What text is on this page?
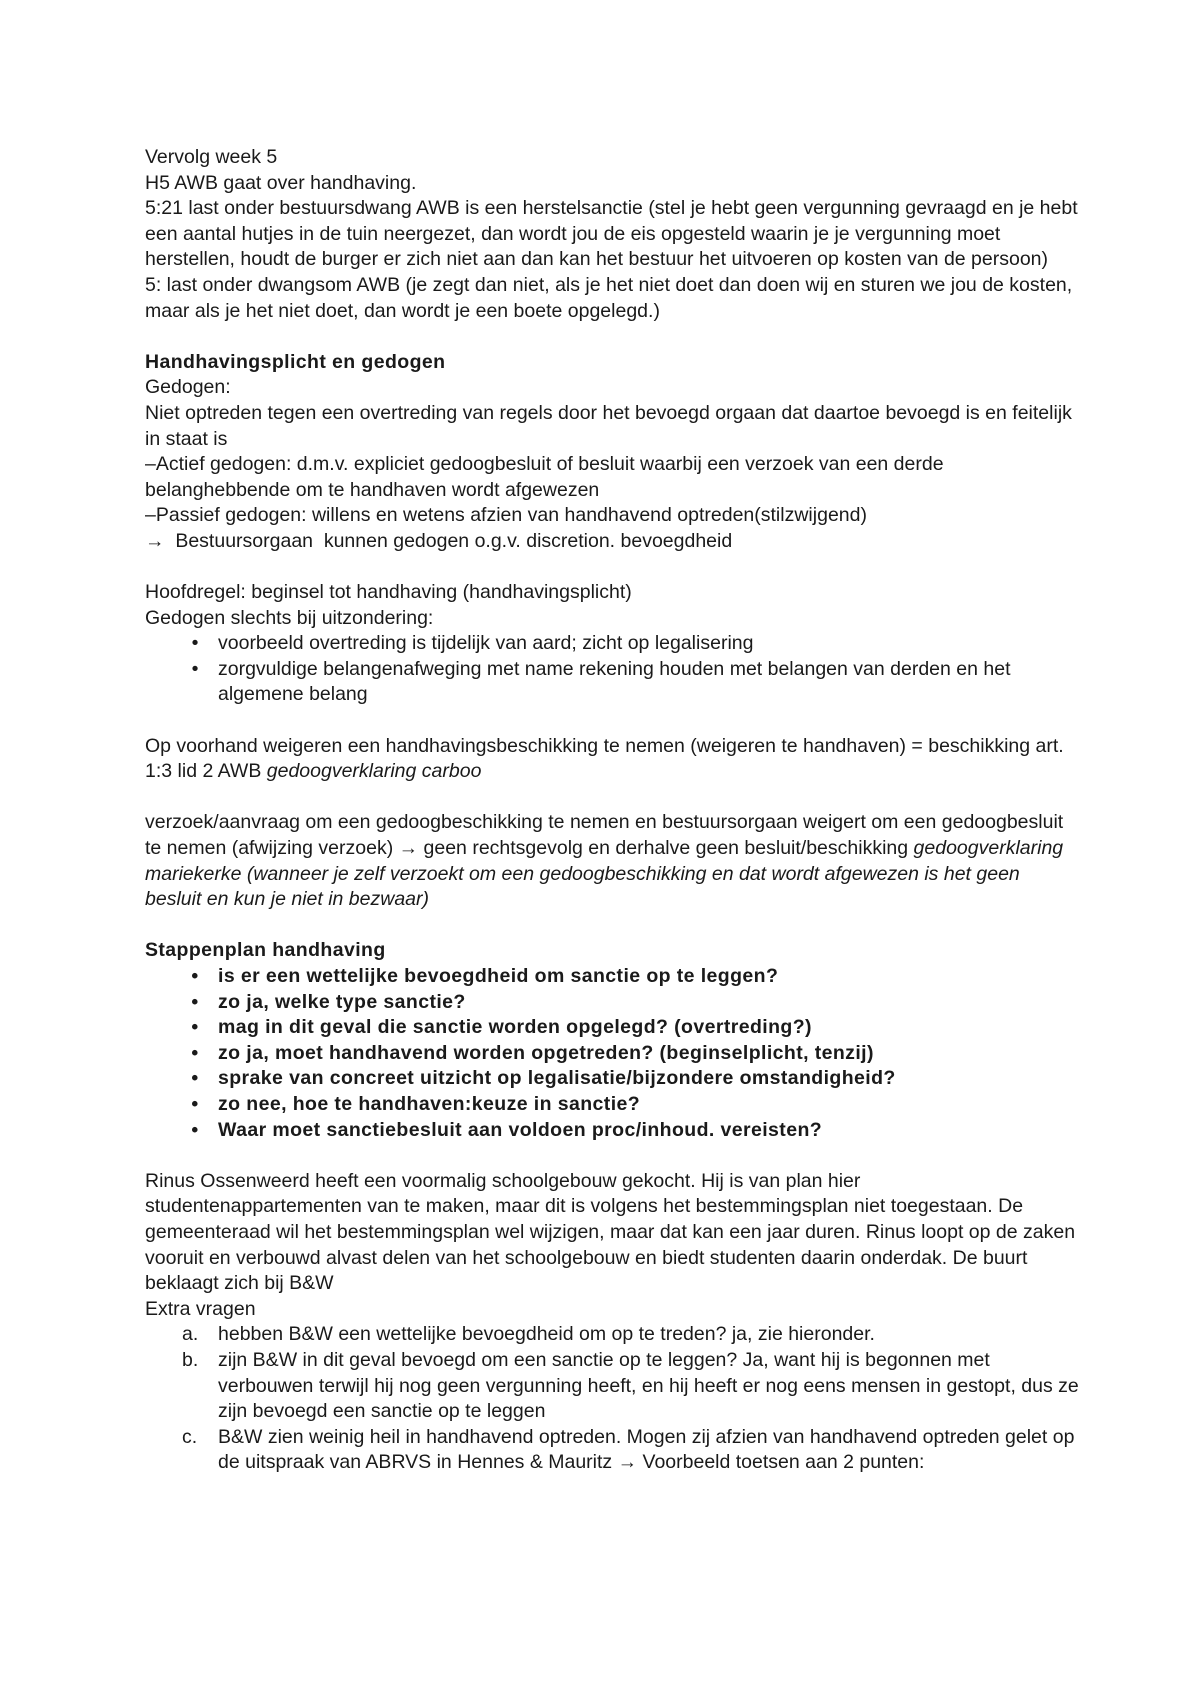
Vervolg week 5
H5 AWB gaat over handhaving.
5:21 last onder bestuursdwang AWB is een herstelsanctie (stel je hebt geen vergunning gevraagd en je hebt een aantal hutjes in de tuin neergezet, dan wordt jou de eis opgesteld waarin je je vergunning moet herstellen, houdt de burger er zich niet aan dan kan het bestuur het uitvoeren op kosten van de persoon)
5: last onder dwangsom AWB (je zegt dan niet, als je het niet doet dan doen wij en sturen we jou de kosten, maar als je het niet doet, dan wordt je een boete opgelegd.)
Handhavingsplicht en gedogen
Gedogen:
Niet optreden tegen een overtreding van regels door het bevoegd orgaan dat daartoe bevoegd is en feitelijk in staat is
–Actief gedogen: d.m.v. expliciet gedoogbesluit of besluit waarbij een verzoek van een derde belanghebbende om te handhaven wordt afgewezen
–Passief gedogen: willens en wetens afzien van handhavend optreden(stilzwijgend)
→  Bestuursorgaan  kunnen gedogen o.g.v. discretion. bevoegdheid
Hoofdregel: beginsel tot handhaving (handhavingsplicht)
Gedogen slechts bij uitzondering:
•	voorbeeld overtreding is tijdelijk van aard; zicht op legalisering
•	zorgvuldige belangenafweging met name rekening houden met belangen van derden en het algemene belang
Op voorhand weigeren een handhavingsbeschikking te nemen (weigeren te handhaven) = beschikking art. 1:3 lid 2 AWB gedoogverklaring carboo
verzoek/aanvraag om een gedoogbeschikking te nemen en bestuursorgaan weigert om een gedoogbesluit te nemen (afwijzing verzoek) → geen rechtsgevolg en derhalve geen besluit/beschikking gedoogverklaring mariekerke (wanneer je zelf verzoekt om een gedoogbeschikking en dat wordt afgewezen is het geen besluit en kun je niet in bezwaar)
Stappenplan handhaving
• is er een wettelijke bevoegdheid om sanctie op te leggen?
• zo ja, welke type sanctie?
• mag in dit geval die sanctie worden opgelegd? (overtreding?)
• zo ja, moet handhavend worden opgetreden? (beginselplicht, tenzij)
• sprake van concreet uitzicht op legalisatie/bijzondere omstandigheid?
• zo nee, hoe te handhaven:keuze in sanctie?
• Waar moet sanctiebesluit aan voldoen proc/inhoud. vereisten?
Rinus Ossenweerd heeft een voormalig schoolgebouw gekocht. Hij is van plan hier studentenappartementen van te maken, maar dit is volgens het bestemmingsplan niet toegestaan. De gemeenteraad wil het bestemmingsplan wel wijzigen, maar dat kan een jaar duren. Rinus loopt op de zaken vooruit en verbouwd alvast delen van het schoolgebouw en biedt studenten daarin onderdak. De buurt beklaagt zich bij B&W
Extra vragen
a. hebben B&W een wettelijke bevoegdheid om op te treden? ja, zie hieronder.
b. zijn B&W in dit geval bevoegd om een sanctie op te leggen? Ja, want hij is begonnen met verbouwen terwijl hij nog geen vergunning heeft, en hij heeft er nog eens mensen in gestopt, dus ze zijn bevoegd een sanctie op te leggen
c. B&W zien weinig heil in handhavend optreden. Mogen zij afzien van handhavend optreden gelet op de uitspraak van ABRVS in Hennes & Mauritz → Voorbeeld toetsen aan 2 punten:
